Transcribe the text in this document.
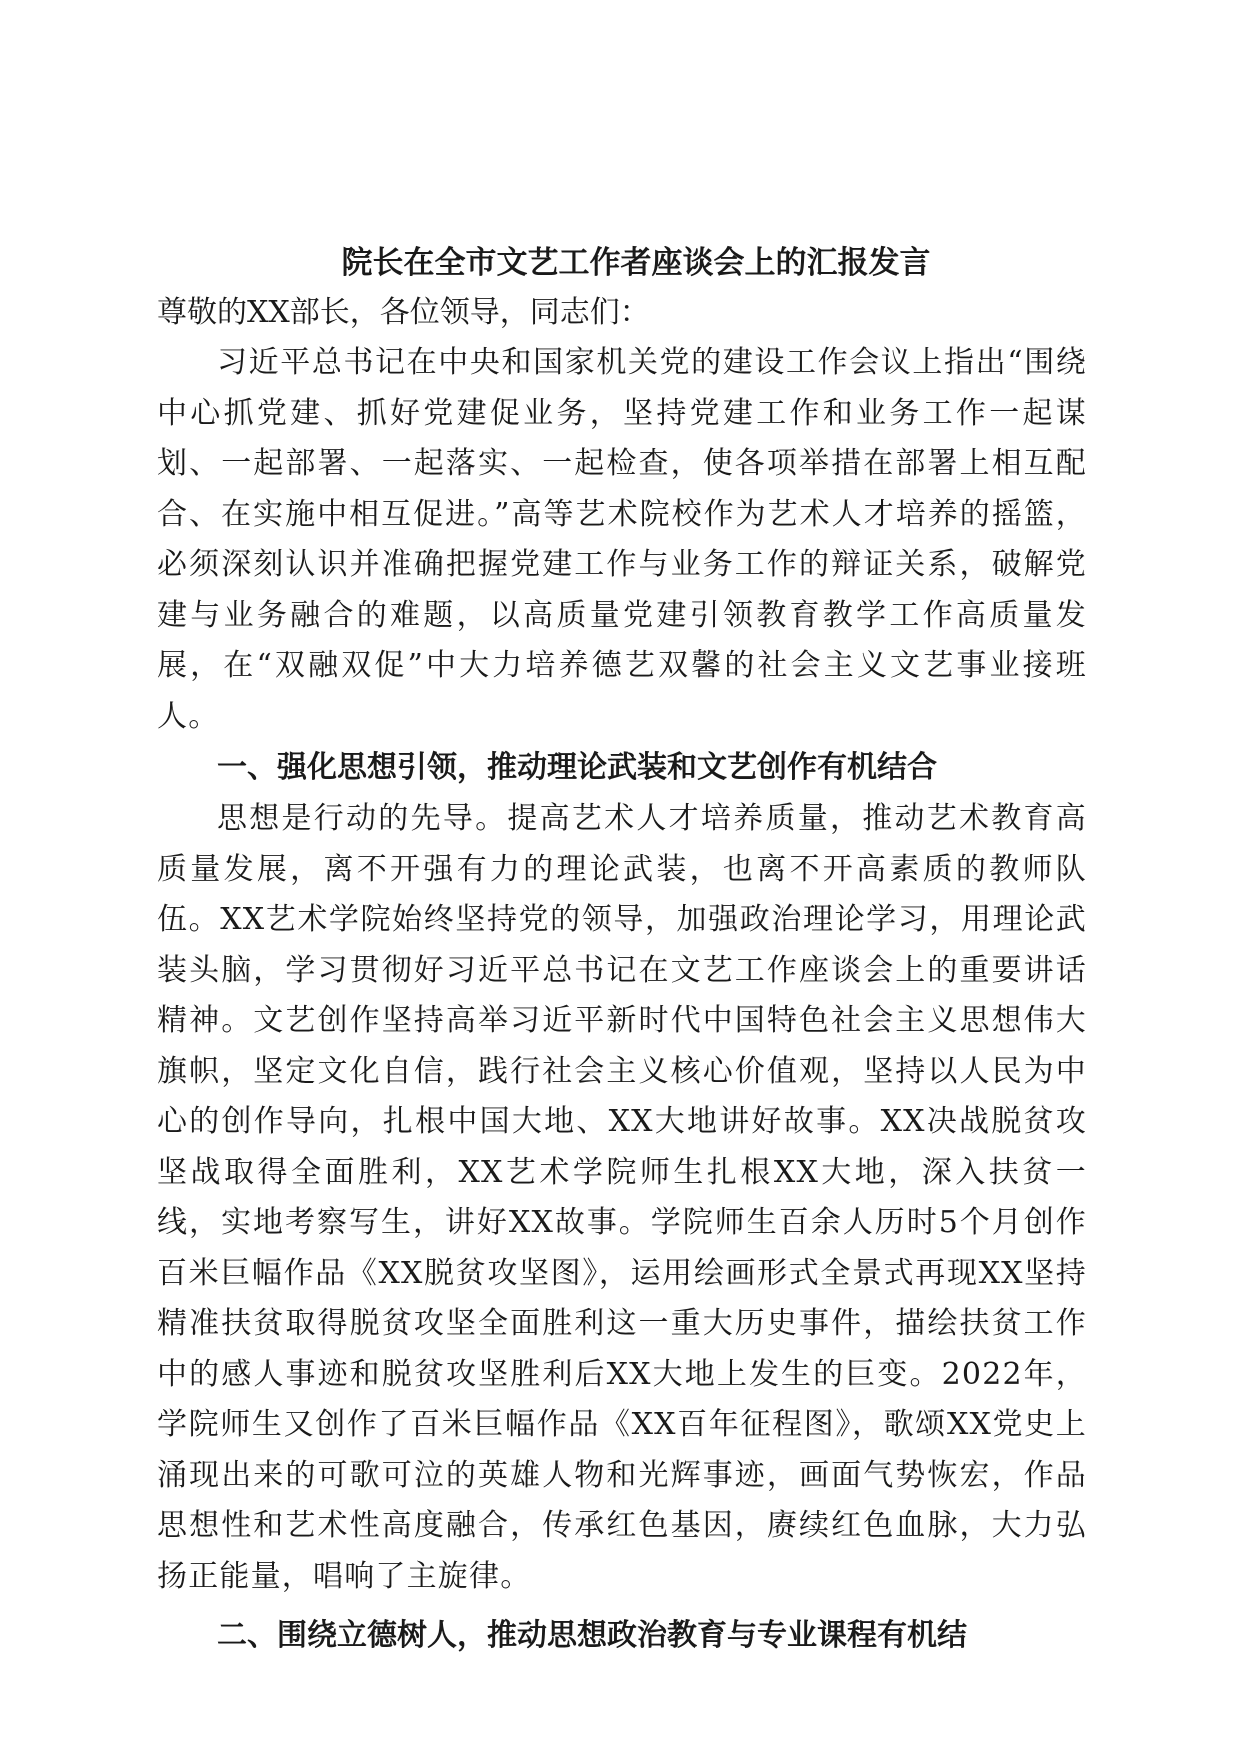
院长在全市文艺工作者座谈会上的汇报发言

尊敬的XX部长，各位领导，同志们：

习近平总书记在中央和国家机关党的建设工作会议上指出“围绕中心抓党建、抓好党建促业务，坚持党建工作和业务工作一起谋划、一起部署、一起落实、一起检查，使各项举措在部署上相互配合、在实施中相互促进。”高等艺术院校作为艺术人才培养的摇篮，必须深刻认识并准确把握党建工作与业务工作的辩证关系，破解党建与业务融合的难题，以高质量党建引领教育教学工作高质量发展，在“双融双促”中大力培养德艺双馨的社会主义文艺事业接班人。

一、强化思想引领，推动理论武装和文艺创作有机结合

思想是行动的先导。提高艺术人才培养质量，推动艺术教育高质量发展，离不开强有力的理论武装，也离不开高素质的教师队伍。XX艺术学院始终坚持党的领导，加强政治理论学习，用理论武装头脑，学习贯彻好习近平总书记在文艺工作座谈会上的重要讲话精神。文艺创作坚持高举习近平新时代中国特色社会主义思想伟大旗帜，坚定文化自信，践行社会主义核心价值观，坚持以人民为中心的创作导向，扎根中国大地、XX大地讲好故事。XX决战脱贫攻坚战取得全面胜利，XX艺术学院师生扎根XX大地，深入扶贫一线，实地考察写生，讲好XX故事。学院师生百余人历时5个月创作百米巨幅作品《XX脱贫攻坚图》，运用绘画形式全景式再现XX坚持精准扶贫取得脱贫攻坚全面胜利这一重大历史事件，描绘扶贫工作中的感人事迹和脱贫攻坚胜利后XX大地上发生的巨变。2022年，学院师生又创作了百米巨幅作品《XX百年征程图》，歌颂XX党史上涌现出来的可歌可泣的英雄人物和光辉事迹，画面气势恢宏，作品思想性和艺术性高度融合，传承红色基因，赓续红色血脉，大力弘扬正能量，唱响了主旋律。

二、围绕立德树人，推动思想政治教育与专业课程有机结
